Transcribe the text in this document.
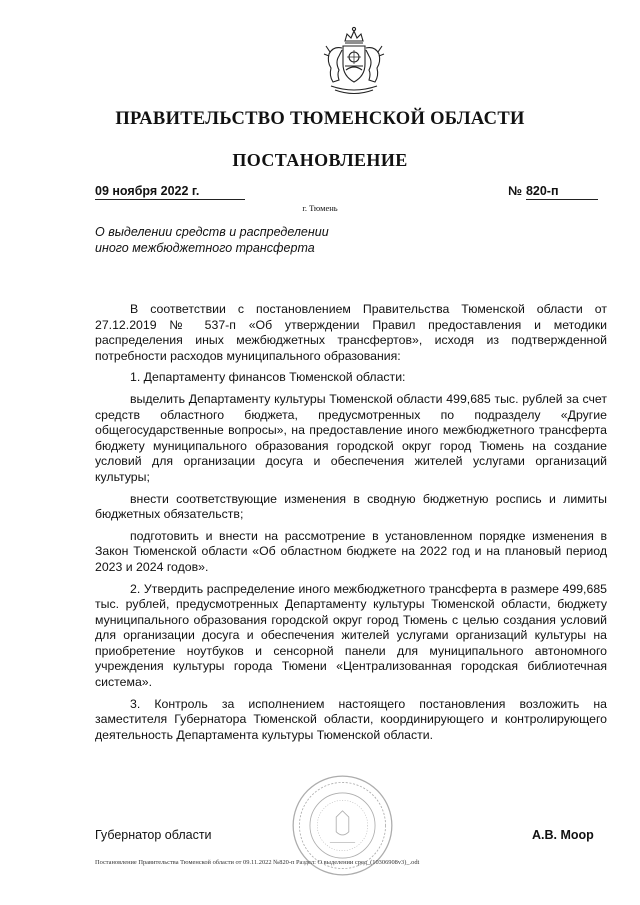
ПРАВИТЕЛЬСТВО ТЮМЕНСКОЙ ОБЛАСТИ
ПОСТАНОВЛЕНИЕ
09 ноября 2022 г.	№ 820-п
г. Тюмень
О выделении средств и распределении
иного межбюджетного трансферта

В соответствии с постановлением Правительства Тюменской области от 27.12.2019 № 537-п «Об утверждении Правил предоставления и методики распределения иных межбюджетных трансфертов», исходя из подтвержденной потребности расходов муниципального образования:

1. Департаменту финансов Тюменской области:

выделить Департаменту культуры Тюменской области 499,685 тыс. рублей за счет средств областного бюджета, предусмотренных по подразделу «Другие общегосударственные вопросы», на предоставление иного межбюджетного трансферта бюджету муниципального образования городской округ город Тюмень на создание условий для организации досуга и обеспечения жителей услугами организаций культуры;

внести соответствующие изменения в сводную бюджетную роспись и лимиты бюджетных обязательств;

подготовить и внести на рассмотрение в установленном порядке изменения в Закон Тюменской области «Об областном бюджете на 2022 год и на плановый период 2023 и 2024 годов».

2. Утвердить распределение иного межбюджетного трансферта в размере 499,685 тыс. рублей, предусмотренных Департаменту культуры Тюменской области, бюджету муниципального образования городской округ город Тюмень с целью создания условий для организации досуга и обеспечения жителей услугами организаций культуры на приобретение ноутбуков и сенсорной панели для муниципального автономного учреждения культуры города Тюмени «Централизованная городская библиотечная система».

3. Контроль за исполнением настоящего постановления возложить на заместителя Губернатора Тюменской области, координирующего и контролирующего деятельность Департамента культуры Тюменской области.

Губернатор области	А.В. Моор
Постановление Правительства Тюменской области от 09.11.2022 №820-п Раздел: О выделении сред_(10306908v3)_.odt
